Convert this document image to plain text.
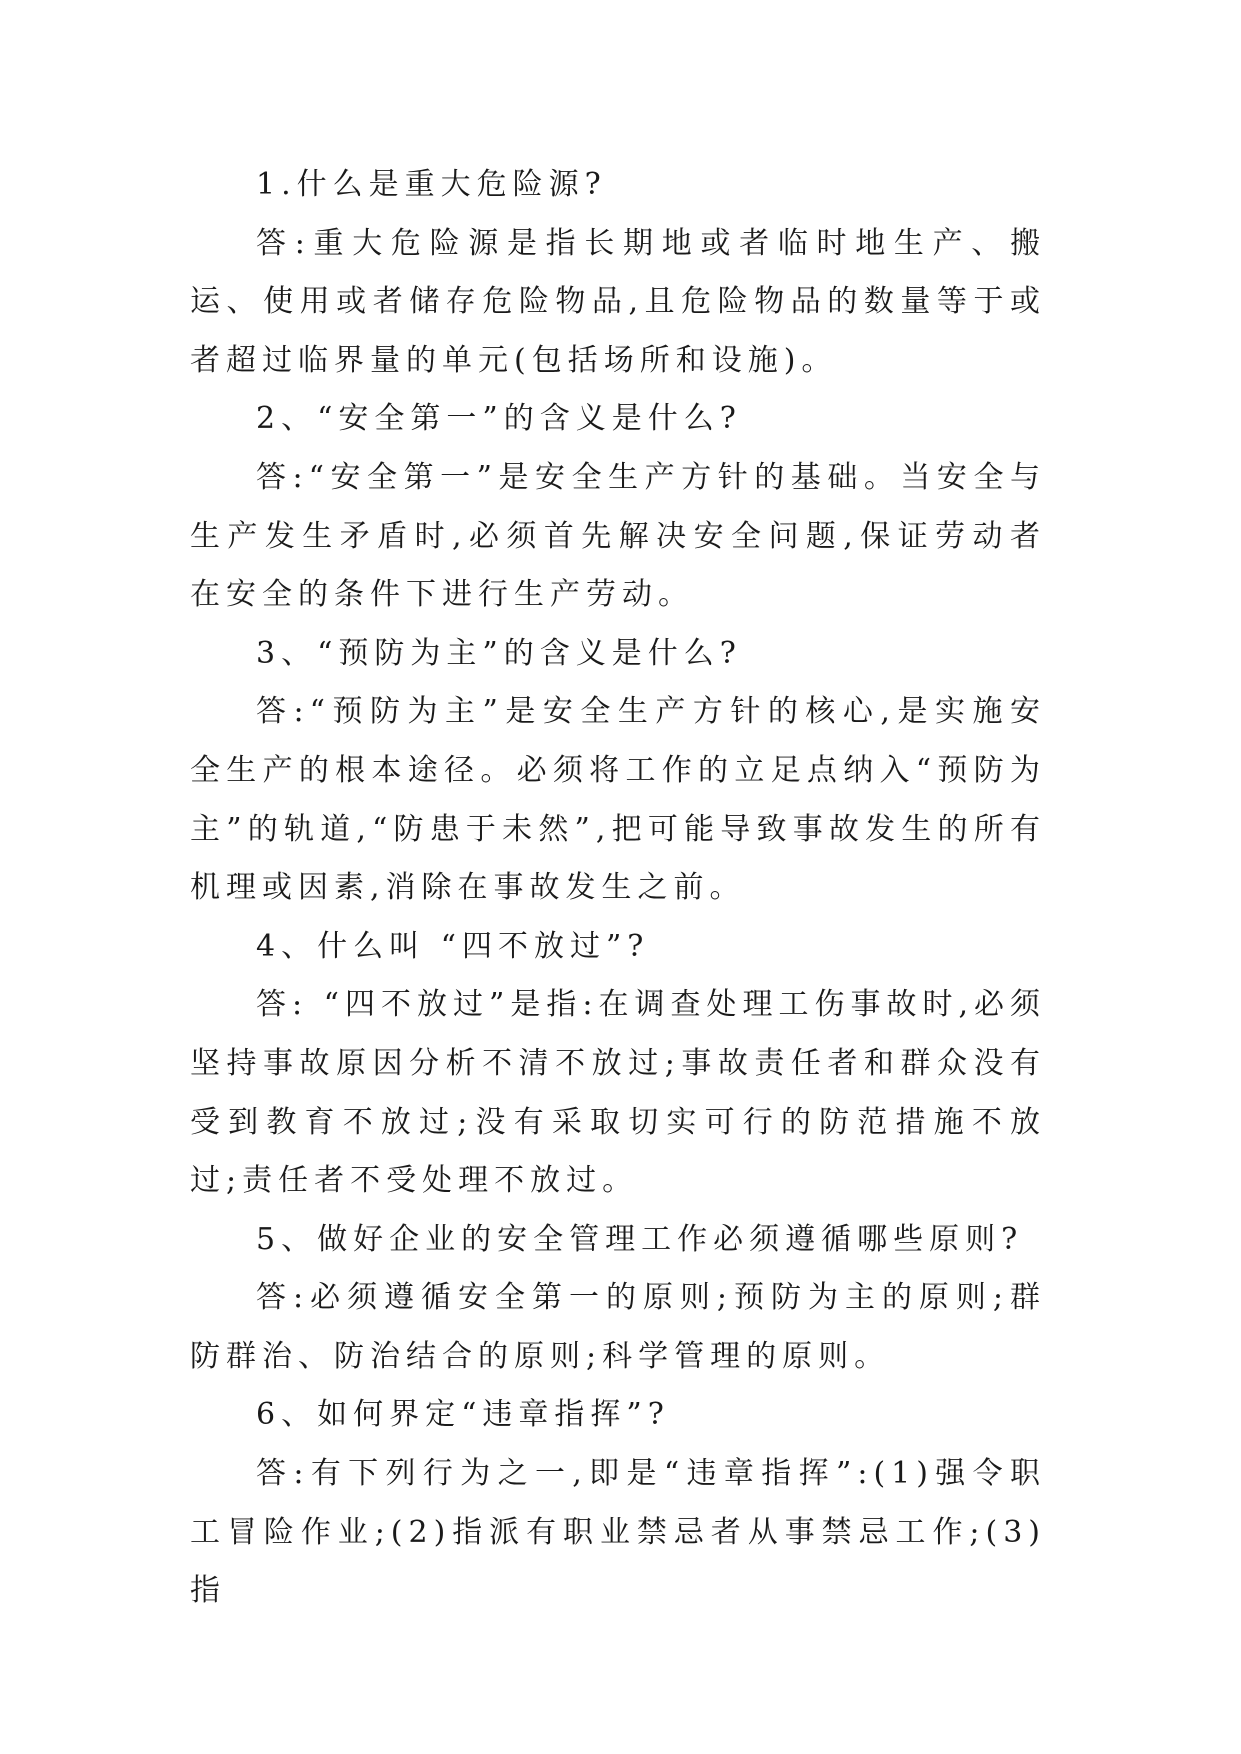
1.什么是重大危险源?

答:重大危险源是指长期地或者临时地生产、搬运、使用或者储存危险物品,且危险物品的数量等于或者超过临界量的单元(包括场所和设施)。

2、“安全第一”的含义是什么?

答:“安全第一”是安全生产方针的基础。当安全与生产发生矛盾时,必须首先解决安全问题,保证劳动者在安全的条件下进行生产劳动。

3、“预防为主”的含义是什么?

答:“预防为主”是安全生产方针的核心,是实施安全生产的根本途径。必须将工作的立足点纳入“预防为主”的轨道,“防患于未然”,把可能导致事故发生的所有机理或因素,消除在事故发生之前。

4、什么叫 “四不放过”?

答: “四不放过”是指:在调查处理工伤事故时,必须坚持事故原因分析不清不放过;事故责任者和群众没有受到教育不放过;没有采取切实可行的防范措施不放过;责任者不受处理不放过。

5、做好企业的安全管理工作必须遵循哪些原则?

答:必须遵循安全第一的原则;预防为主的原则;群防群治、防治结合的原则;科学管理的原则。

6、如何界定“违章指挥”?

答:有下列行为之一,即是“违章指挥”:(1)强令职工冒险作业;(2)指派有职业禁忌者从事禁忌工作;(3)指
